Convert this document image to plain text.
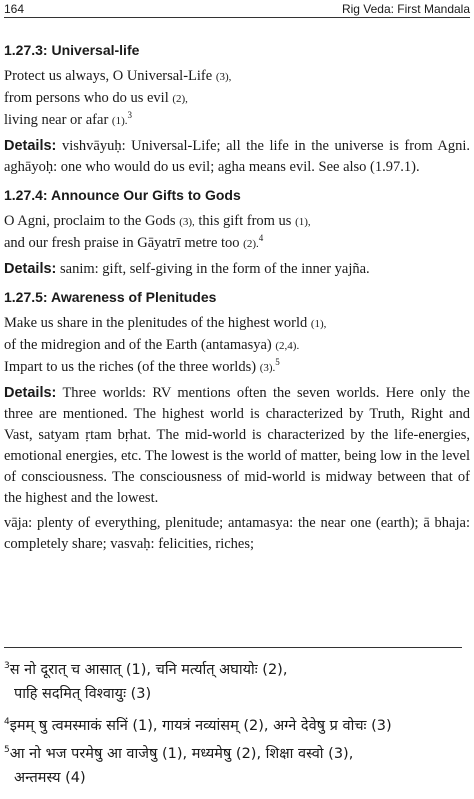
164	Rig Veda: First Mandala
1.27.3: Universal-life
Protect us always, O Universal-Life (3),
from persons who do us evil (2),
living near or afar (1).$^3$
Details: vishvāyuḥ: Universal-Life; all the life in the universe is from Agni. aghāyoḥ: one who would do us evil; agha means evil. See also (1.97.1).
1.27.4: Announce Our Gifts to Gods
O Agni, proclaim to the Gods (3), this gift from us (1),
and our fresh praise in Gāyatrī metre too (2).$^4$
Details: sanim: gift, self-giving in the form of the inner yajña.
1.27.5: Awareness of Plenitudes
Make us share in the plenitudes of the highest world (1),
of the midregion and of the Earth (antamasya) (2,4).
Impart to us the riches (of the three worlds) (3).$^5$
Details: Three worlds: RV mentions often the seven worlds. Here only the three are mentioned. The highest world is characterized by Truth, Right and Vast, satyam ṛtam bṛhat. The mid-world is characterized by the life-energies, emotional energies, etc. The lowest is the world of matter, being low in the level of consciousness. The consciousness of mid-world is midway between that of the highest and the lowest.
vāja: plenty of everything, plenitude; antamasya: the near one (earth); ā bhaja: completely share; vasvaḥ: felicities, riches;
$^3$स नो दूरात् च आसात् (1), चनि मर्त्यात् अघायोः (2),
पाहि सदमित् विश्वायुः (3)
$^4$इमम् षु त्वमस्माकं सनिं (1), गायत्रं नव्यांसम् (2), अग्ने देवेषु प्र वोचः (3)
$^5$आ नो भज परमेषु आ वाजेषु (1), मध्यमेषु (2), शिक्षा वस्वो (3),
अन्तमस्य (4)
